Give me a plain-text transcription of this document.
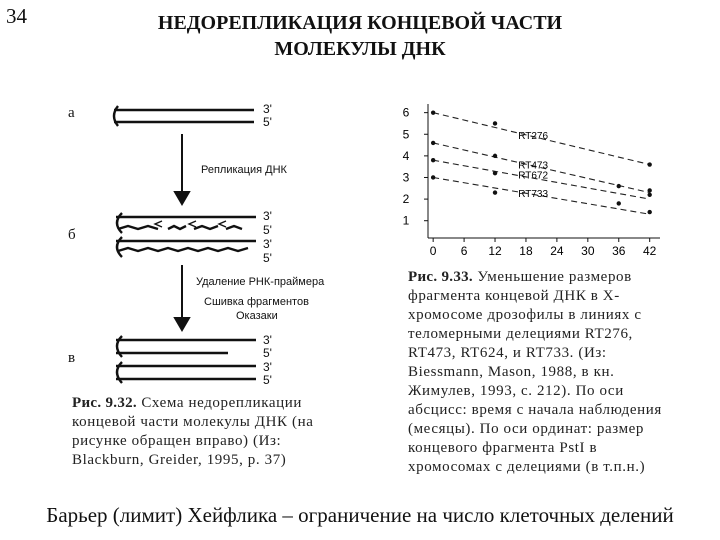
34	НЕДОРЕПЛИКАЦИЯ КОНЦЕВОЙ ЧАСТИ
МОЛЕКУЛЫ ДНК
а
б
в
3'
5'
3'
5'
3'
5'
3'
5'
3'
5'
Репликация ДНК
Удаление РНК-праймера
Сшивка фрагментов
Оказаки
Рис. 9.32. Схема недорепликации
концевой части молекулы ДНК (на
рисунке обращен вправо) (Из:
Blackburn, Greider, 1995, р. 37)
0 6 12 18 24 30 36 42
1
2
3
4
5
6
RT276
RT473
RT672
RT733
Рис. 9.33. Уменьшение размеров
фрагмента концевой ДНК в X-
хромосоме дрозофилы в линиях с
теломерными делециями RT276,
RT473, RT624, и RT733. (Из:
Biessmann, Mason, 1988, в кн.
Жимулев, 1993, с. 212). По оси
абсцисс: время с начала наблюдения
(месяцы). По оси ординат: размер
концевого фрагмента PstI в
хромосомах с делециями (в т.п.н.)
Барьер (лимит) Хейфлика – ограничение на число клеточных делений
